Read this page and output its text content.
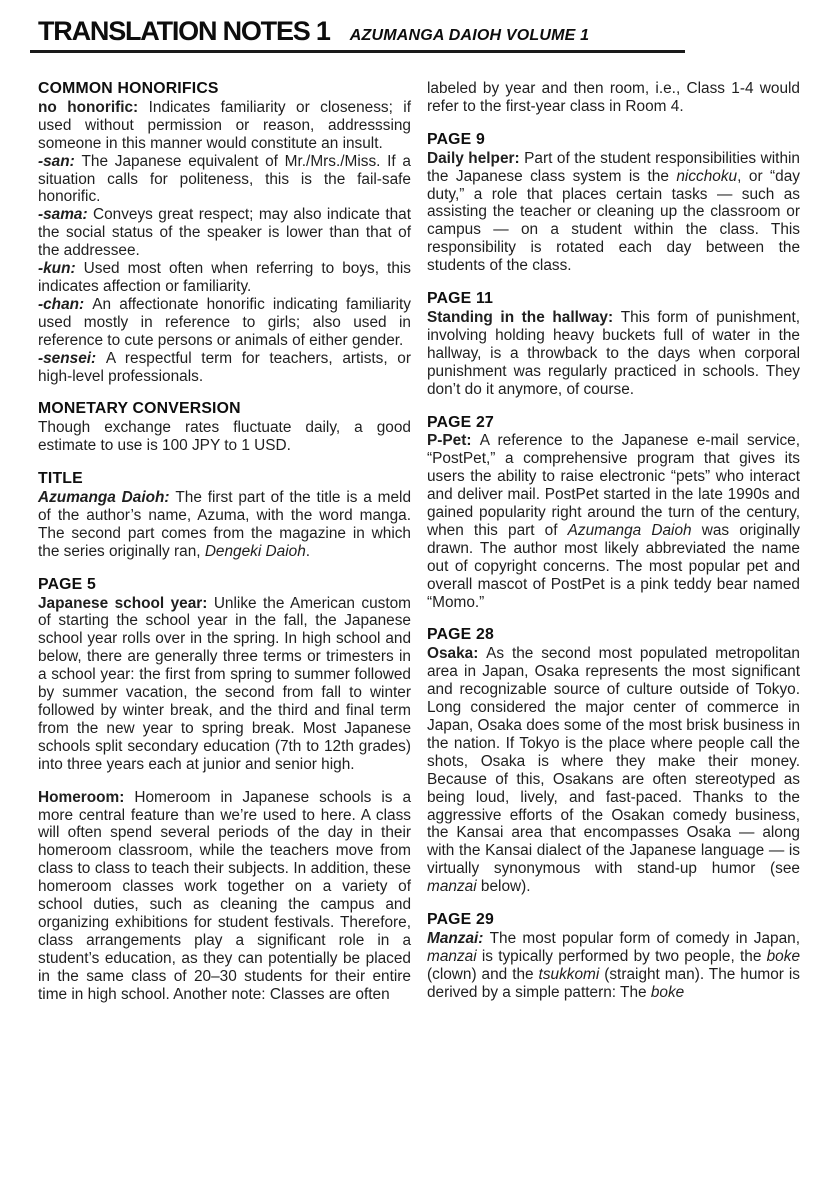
TRANSLATION NOTES 1 AZUMANGA DAIOH VOLUME 1
COMMON HONORIFICS

no honorific: Indicates familiarity or closeness; if used without permission or reason, addresssing someone in this manner would constitute an insult.

-san: The Japanese equivalent of Mr./Mrs./Miss. If a situation calls for politeness, this is the fail-safe honorific.

-sama: Conveys great respect; may also indicate that the social status of the speaker is lower than that of the addressee.

-kun: Used most often when referring to boys, this indicates affection or familiarity.

-chan: An affectionate honorific indicating familiarity used mostly in reference to girls; also used in reference to cute persons or animals of either gender.

-sensei: A respectful term for teachers, artists, or high-level professionals.

MONETARY CONVERSION

Though exchange rates fluctuate daily, a good estimate to use is 100 JPY to 1 USD.

TITLE

Azumanga Daioh: The first part of the title is a meld of the author’s name, Azuma, with the word manga. The second part comes from the magazine in which the series originally ran, Dengeki Daioh.

PAGE 5

Japanese school year: Unlike the American custom of starting the school year in the fall, the Japanese school year rolls over in the spring. In high school and below, there are generally three terms or trimesters in a school year: the first from spring to summer followed by summer vacation, the second from fall to winter followed by winter break, and the third and final term from the new year to spring break. Most Japanese schools split secondary education (7th to 12th grades) into three years each at junior and senior high.

Homeroom: Homeroom in Japanese schools is a more central feature than we’re used to here. A class will often spend several periods of the day in their homeroom classroom, while the teachers move from class to class to teach their subjects. In addition, these homeroom classes work together on a variety of school duties, such as cleaning the campus and organizing exhibitions for student festivals. Therefore, class arrangements play a significant role in a student’s education, as they can potentially be placed in the same class of 20–30 students for their entire time in high school. Another note: Classes are often

labeled by year and then room, i.e., Class 1-4 would refer to the first-year class in Room 4.

PAGE 9

Daily helper: Part of the student responsibilities within the Japanese class system is the nicchoku, or “day duty,” a role that places certain tasks — such as assisting the teacher or cleaning up the classroom or campus — on a student within the class. This responsibility is rotated each day between the students of the class.

PAGE 11

Standing in the hallway: This form of punishment, involving holding heavy buckets full of water in the hallway, is a throwback to the days when corporal punishment was regularly practiced in schools. They don’t do it anymore, of course.

PAGE 27

P-Pet: A reference to the Japanese e-mail service, “PostPet,” a comprehensive program that gives its users the ability to raise electronic “pets” who interact and deliver mail. PostPet started in the late 1990s and gained popularity right around the turn of the century, when this part of Azumanga Daioh was originally drawn. The author most likely abbreviated the name out of copyright concerns. The most popular pet and overall mascot of PostPet is a pink teddy bear named “Momo.”

PAGE 28

Osaka: As the second most populated metropolitan area in Japan, Osaka represents the most significant and recognizable source of culture outside of Tokyo. Long considered the major center of commerce in Japan, Osaka does some of the most brisk business in the nation. If Tokyo is the place where people call the shots, Osaka is where they make their money. Because of this, Osakans are often stereotyped as being loud, lively, and fast-paced. Thanks to the aggressive efforts of the Osakan comedy business, the Kansai area that encompasses Osaka — along with the Kansai dialect of the Japanese language — is virtually synonymous with stand-up humor (see manzai below).

PAGE 29

Manzai: The most popular form of comedy in Japan, manzai is typically performed by two people, the boke (clown) and the tsukkomi (straight man). The humor is derived by a simple pattern: The boke
